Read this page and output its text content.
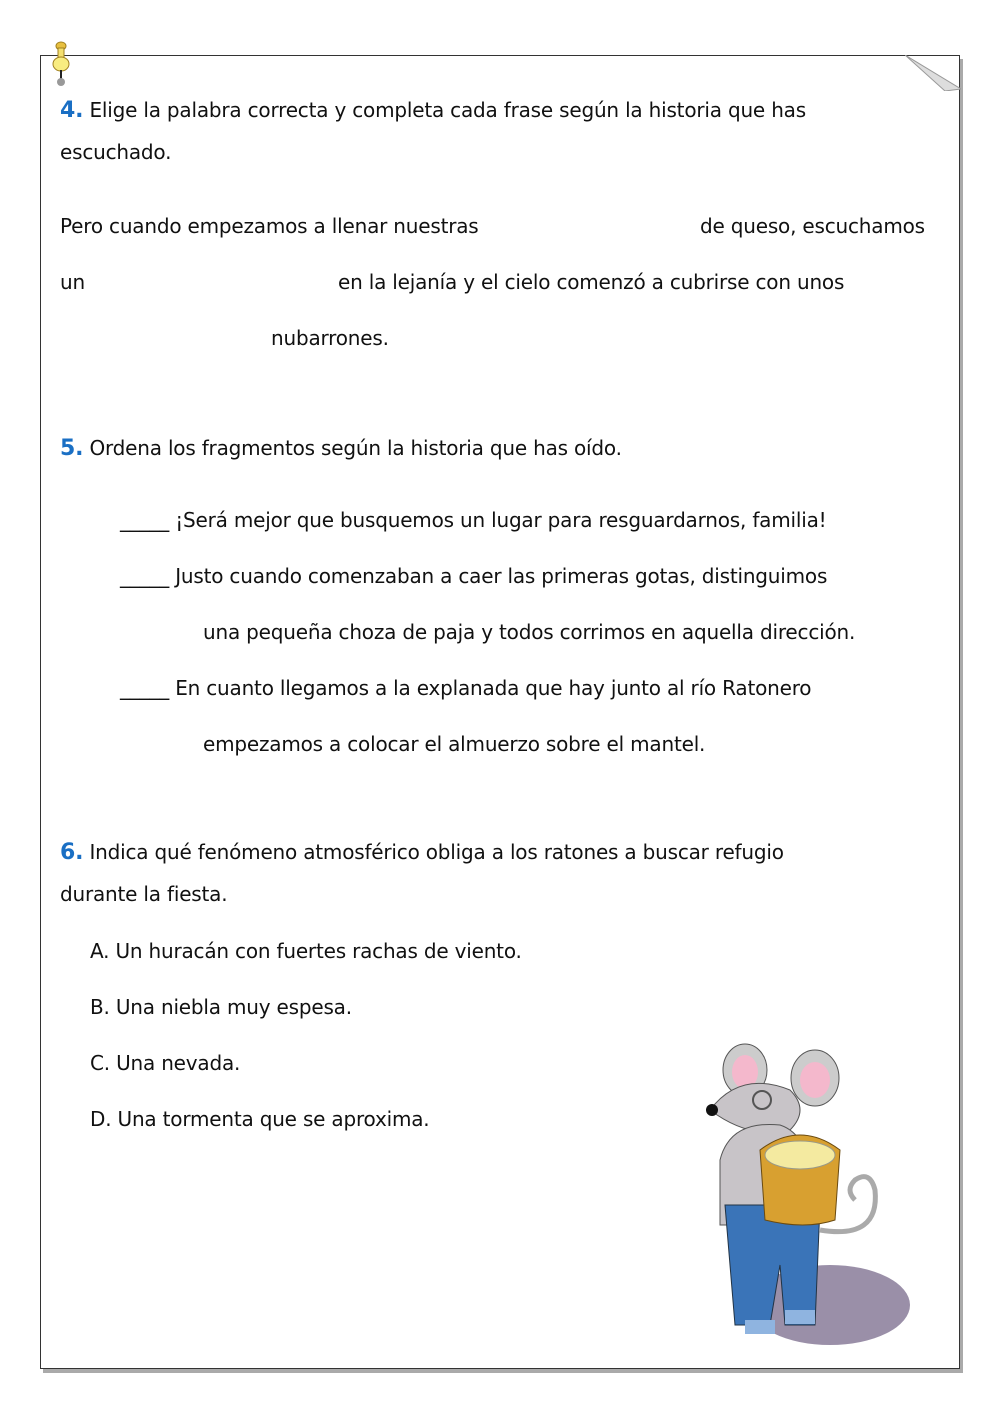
4. Elige la palabra correcta y completa cada frase según la historia que has
escuchado.
Pero cuando empezamos a llenar nuestras	de queso, escuchamos
un	en la lejanía y el cielo comenzó a cubrirse con unos
nubarrones.
5. Ordena los fragmentos según la historia que has oído.
_____ ¡Será mejor que busquemos un lugar para resguardarnos, familia!
_____ Justo cuando comenzaban a caer las primeras gotas, distinguimos
una pequeña choza de paja y todos corrimos en aquella dirección.
_____ En cuanto llegamos a la explanada que hay junto al río Ratonero
empezamos a colocar el almuerzo sobre el mantel.
6. Indica qué fenómeno atmosférico obliga a los ratones a buscar refugio
durante la fiesta.
A. Un huracán con fuertes rachas de viento.
B. Una niebla muy espesa.
C. Una nevada.
D. Una tormenta que se aproxima.
